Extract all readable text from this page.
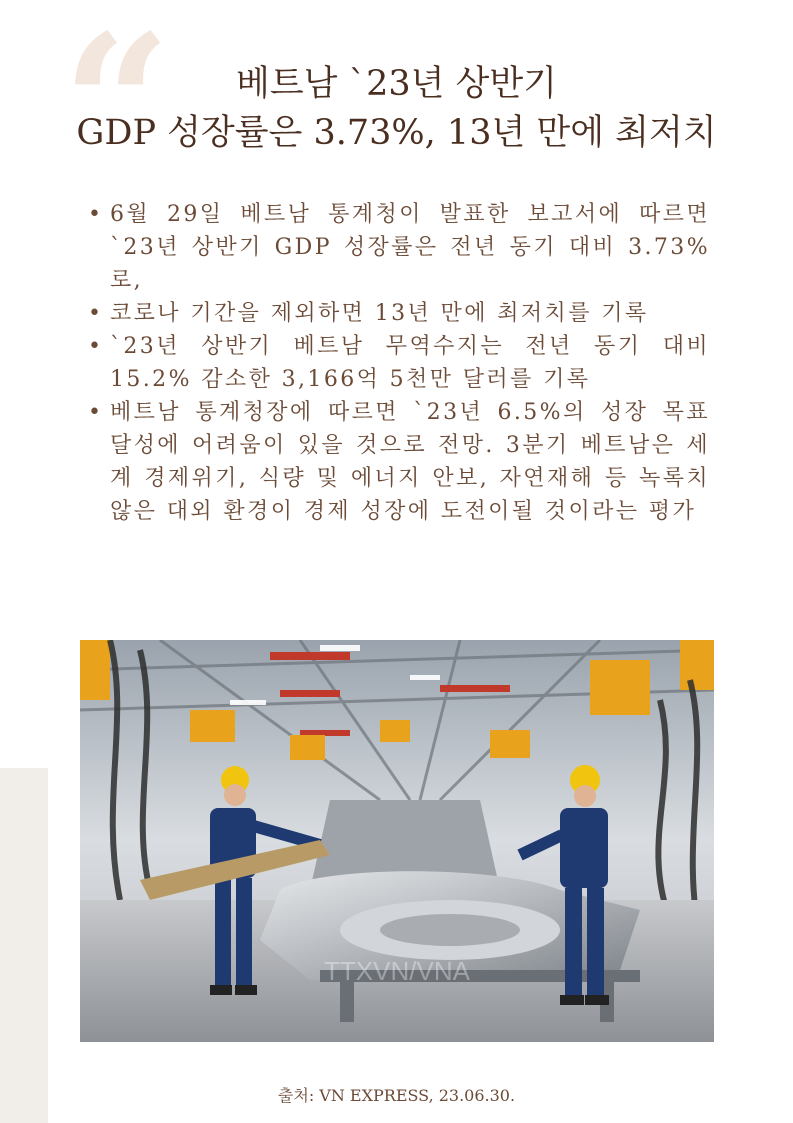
“	베트남 `23년 상반기
GDP 성장률은 3.73%, 13년 만에 최저치
• 6월 29일 베트남 통계청이 발표한 보고서에 따르면 `23년 상반기 GDP 성장률은 전년 동기 대비 3.73%로,
• 코로나 기간을 제외하면 13년 만에 최저치를 기록
• `23년 상반기 베트남 무역수지는 전년 동기 대비 15.2% 감소한 3,166억 5천만 달러를 기록
• 베트남 통계청장에 따르면 `23년 6.5%의 성장 목표 달성에 어려움이 있을 것으로 전망. 3분기 베트남은 세계 경제위기, 식량 및 에너지 안보, 자연재해 등 녹록치 않은 대외 환경이 경제 성장에 도전이될 것이라는 평가
TTXVN/VNA
출처: VN EXPRESS, 23.06.30.
